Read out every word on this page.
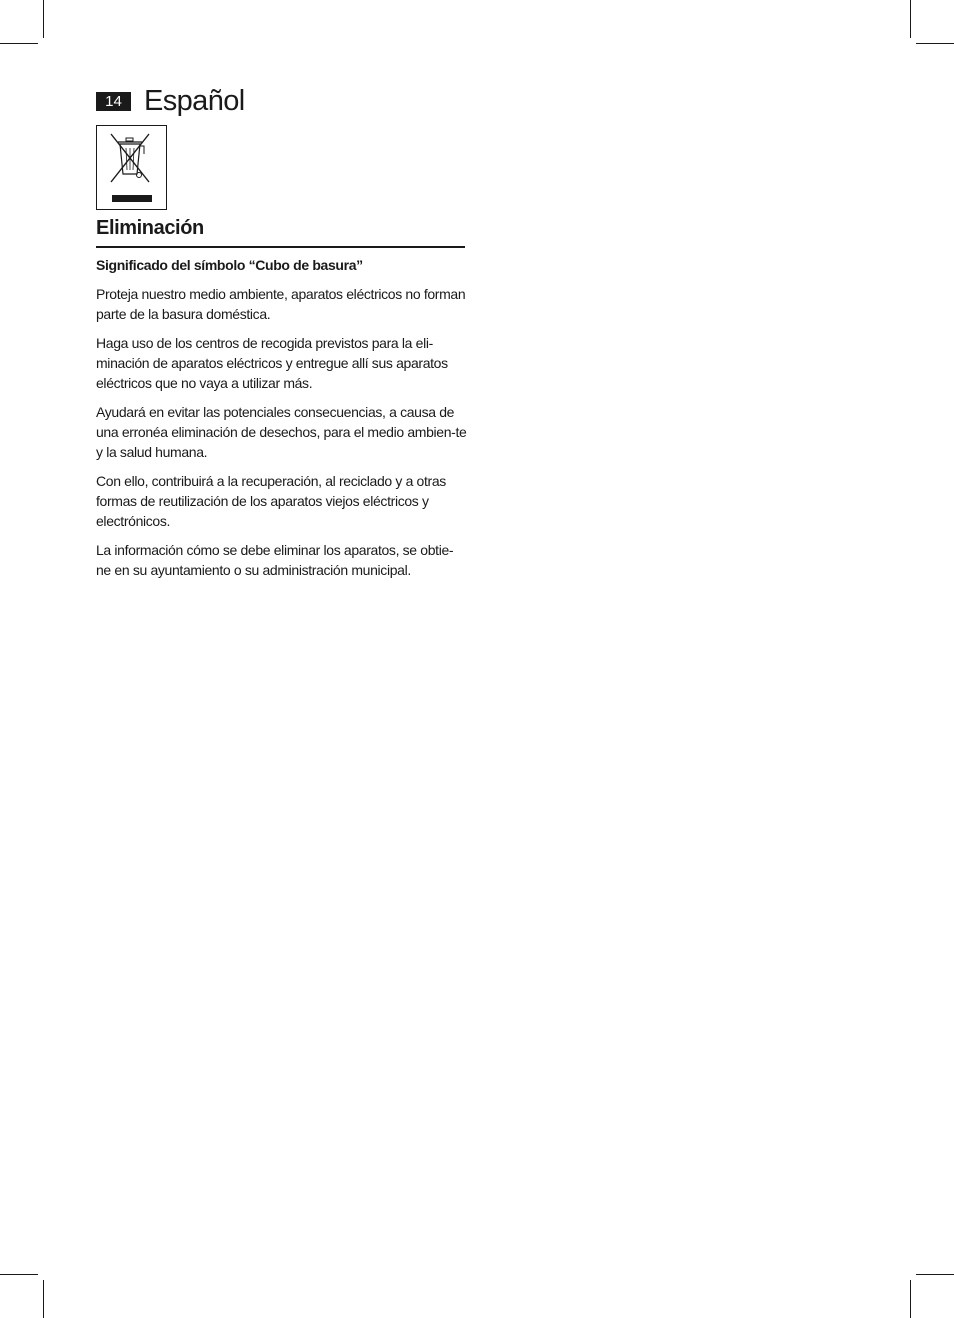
14 Español
Eliminación

Significado del símbolo “Cubo de basura”

Proteja nuestro medio ambiente, aparatos eléctricos no forman parte de la basura doméstica.

Haga uso de los centros de recogida previstos para la eli-minación de aparatos eléctricos y entregue allí sus aparatos eléctricos que no vaya a utilizar más.

Ayudará en evitar las potenciales consecuencias, a causa de una erronéa eliminación de desechos, para el medio ambien-te y la salud humana.

Con ello, contribuirá a la recuperación, al reciclado y a otras formas de reutilización de los aparatos viejos eléctricos y electrónicos.

La información cómo se debe eliminar los aparatos, se obtie-ne en su ayuntamiento o su administración municipal.
